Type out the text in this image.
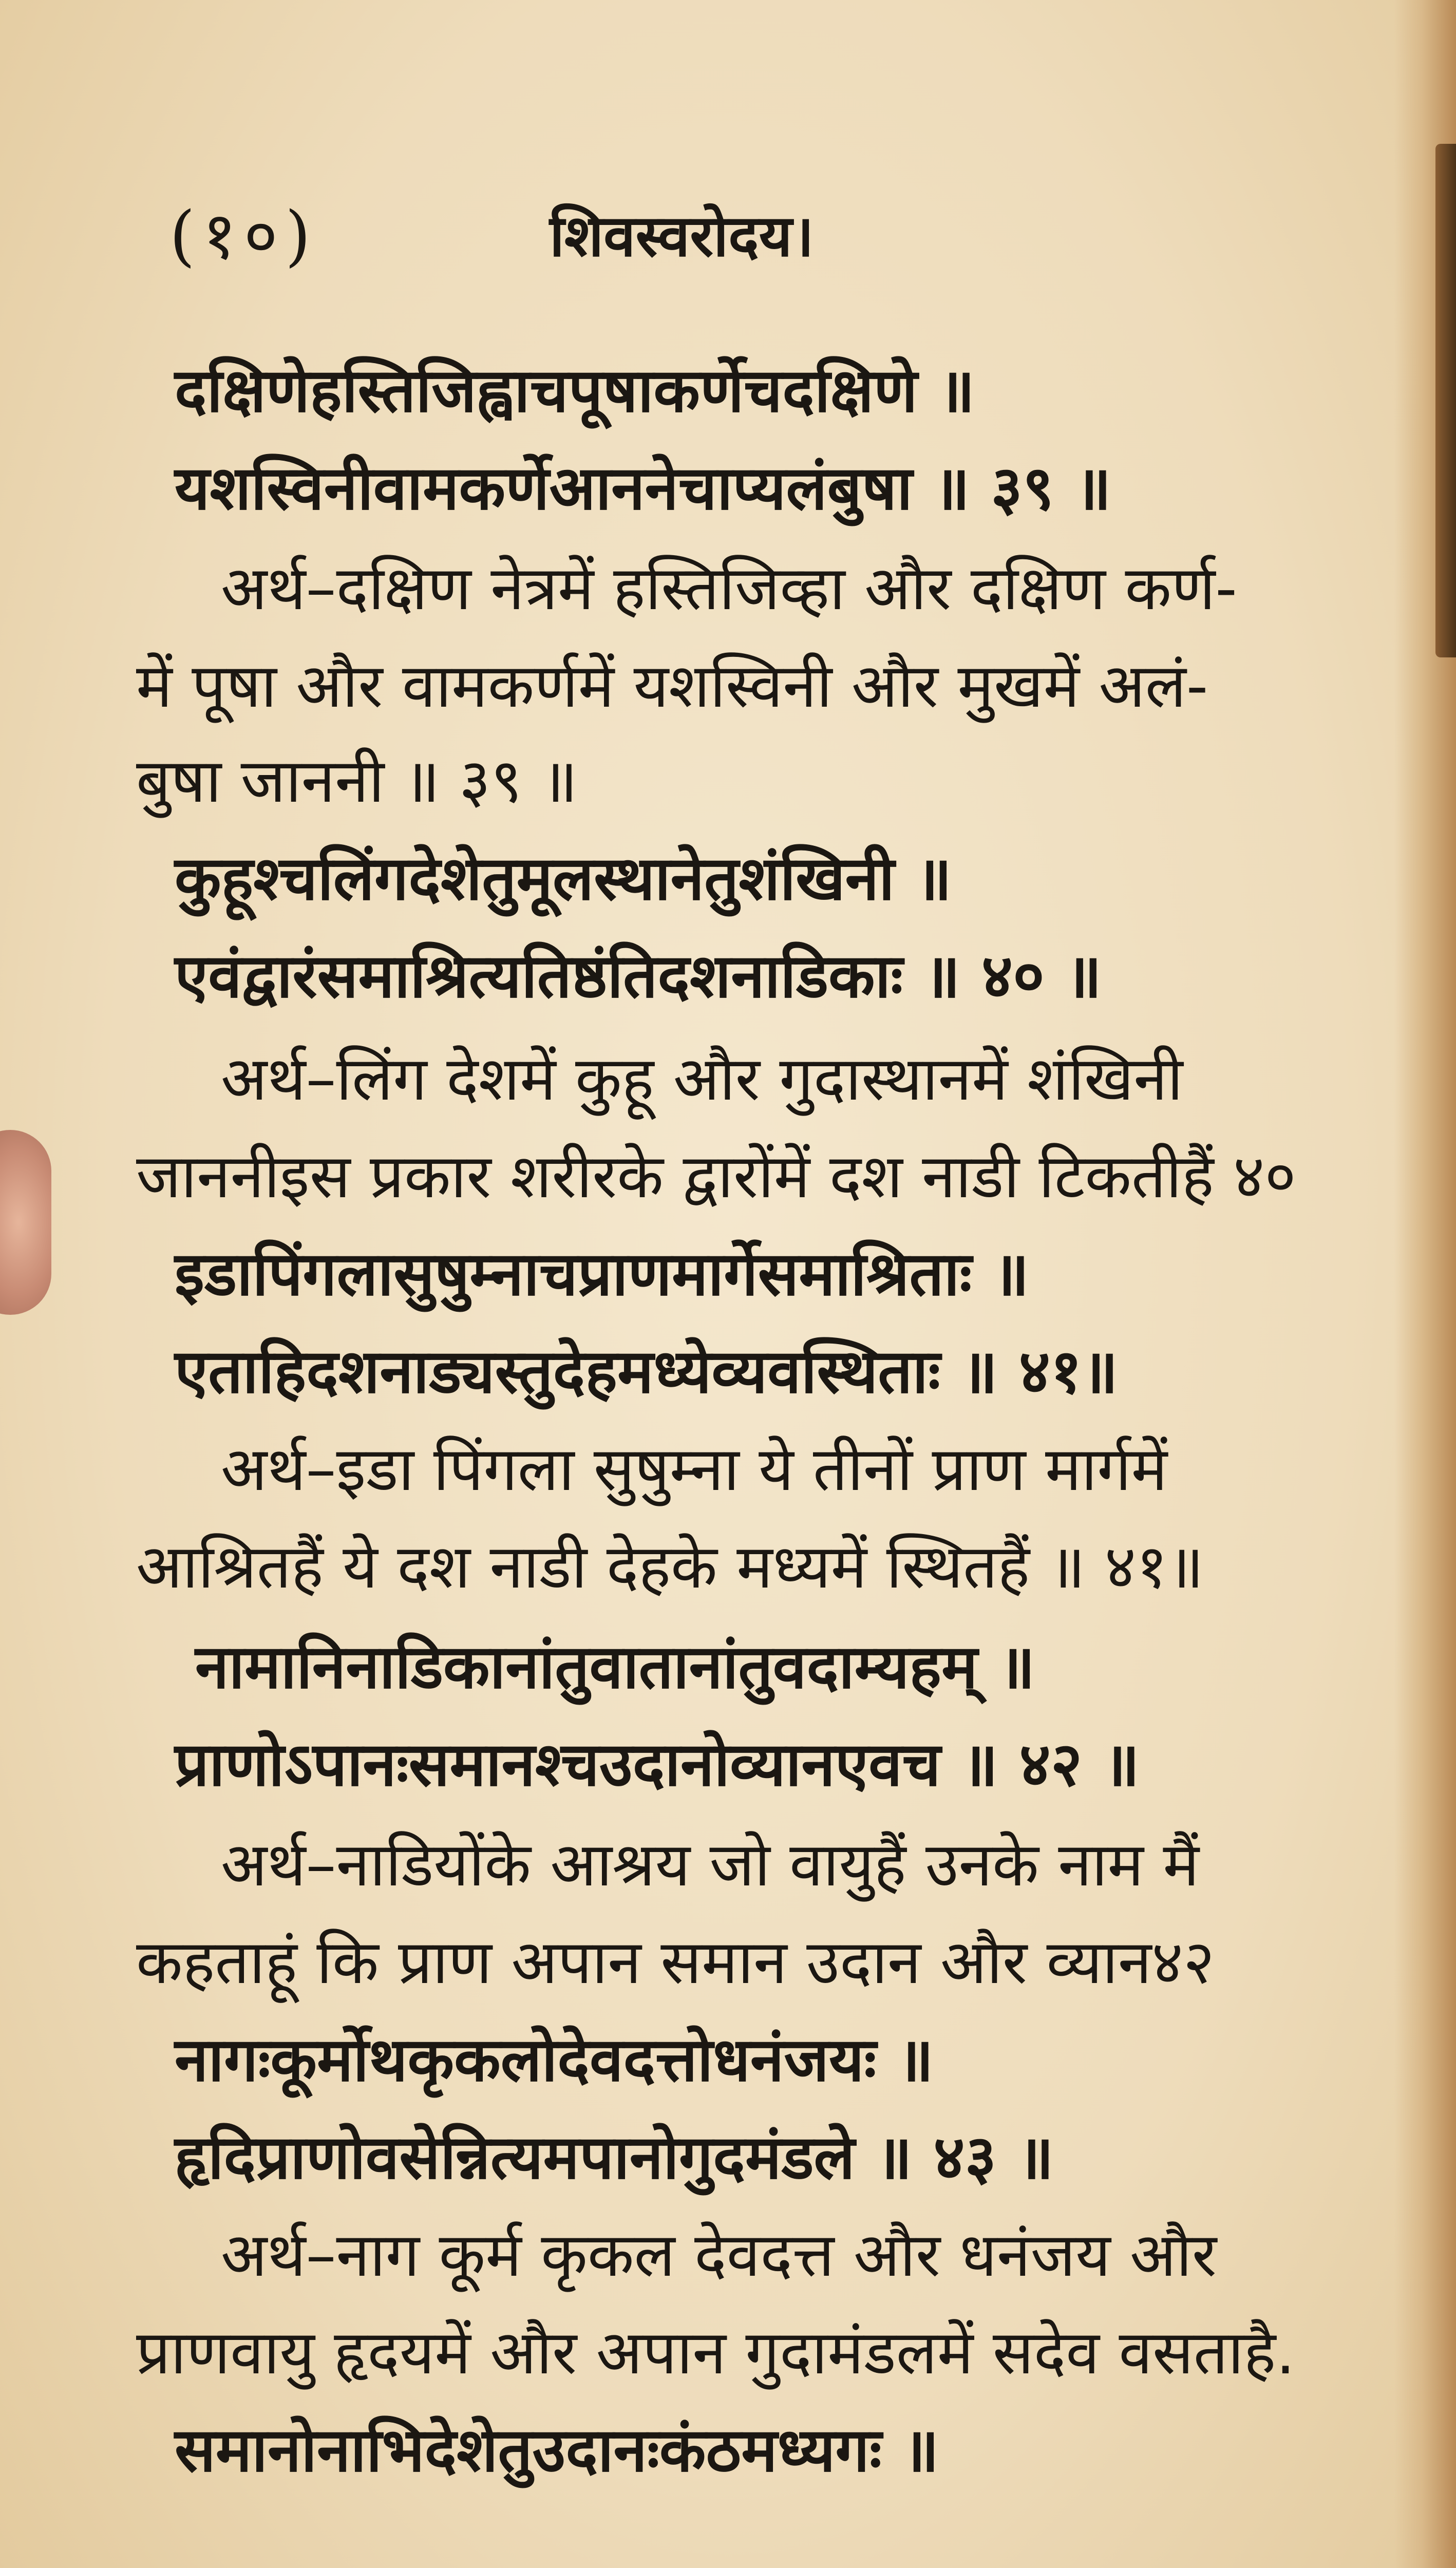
(१०)	शिवस्वरोदय।
दक्षिणेहस्तिजिह्वाचपूषाकर्णेचदक्षिणे ॥
यशस्विनीवामकर्णेआननेचाप्यलंबुषा ॥ ३९ ॥
अर्थ–दक्षिण नेत्रमें हस्तिजिव्हा और दक्षिण कर्ण-
में पूषा और वामकर्णमें यशस्विनी और मुखमें अलं-
बुषा जाननी ॥ ३९ ॥
कुहूश्चलिंगदेशेतुमूलस्थानेतुशंखिनी ॥
एवंद्वारंसमाश्रित्यतिष्ठंतिदशनाडिकाः ॥ ४० ॥
अर्थ–लिंग देशमें कुहू और गुदास्थानमें शंखिनी
जाननीइस प्रकार शरीरके द्वारोंमें दश नाडी टिकतीहैं ४०
इडापिंगलासुषुम्नाचप्राणमार्गेसमाश्रिताः ॥
एताहिदशनाड्यस्तुदेहमध्येव्यवस्थिताः ॥ ४१॥
अर्थ–इडा पिंगला सुषुम्ना ये तीनों प्राण मार्गमें
आश्रितहैं ये दश नाडी देहके मध्यमें स्थितहैं ॥ ४१॥
नामानिनाडिकानांतुवातानांतुवदाम्यहम् ॥
प्राणोऽपानःसमानश्चउदानोव्यानएवच ॥ ४२ ॥
अर्थ–नाडियोंके आश्रय जो वायुहैं उनके नाम मैं
कहताहूं कि प्राण अपान समान उदान और व्यान४२
नागःकूर्मोथकृकलोदेवदत्तोधनंजयः ॥
हृदिप्राणोवसेन्नित्यमपानोगुदमंडले ॥ ४३ ॥
अर्थ–नाग कूर्म कृकल देवदत्त और धनंजय और
प्राणवायु हृदयमें और अपान गुदामंडलमें सदेव वसताहै.
समानोनाभिदेशेतुउदानःकंठमध्यगः ॥
